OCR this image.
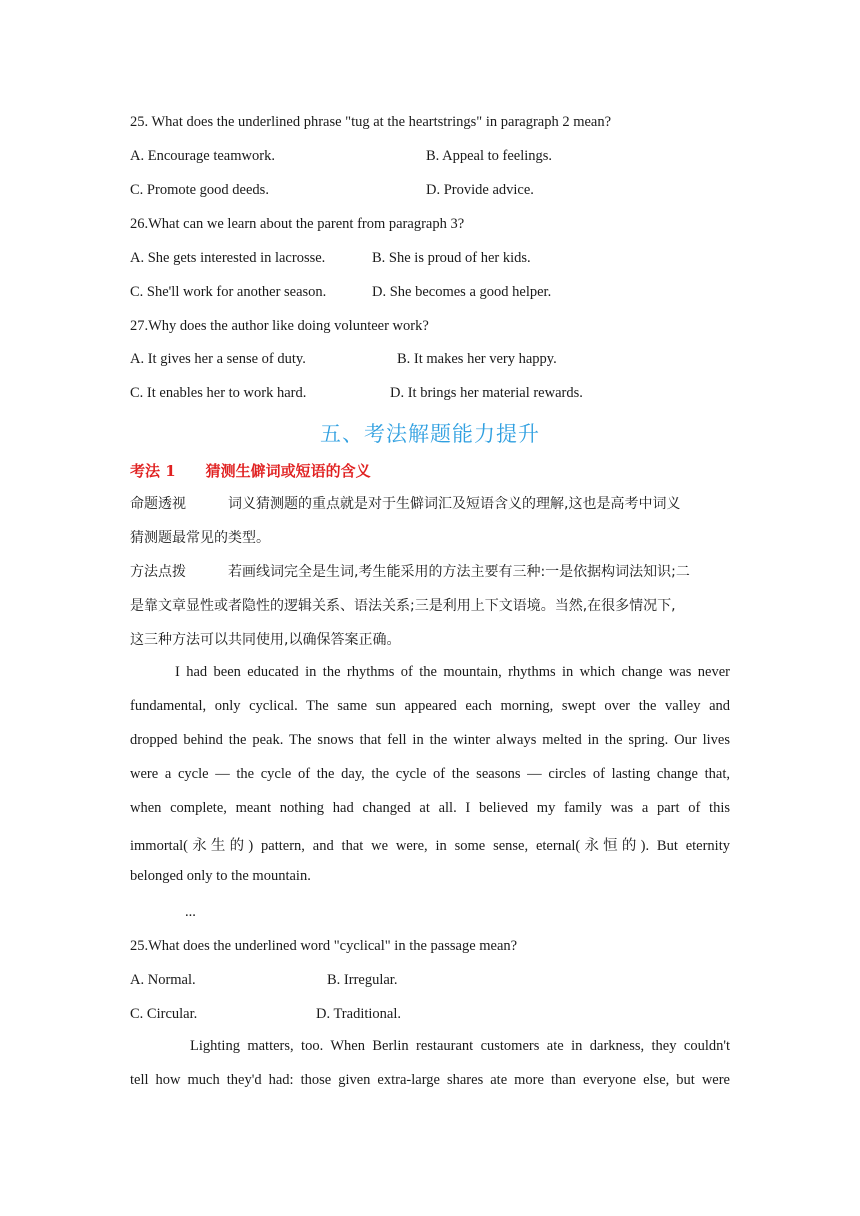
25. What does the underlined phrase "tug at the heartstrings" in paragraph 2 mean?
A. Encourage teamwork.	B. Appeal to feelings.
C. Promote good deeds.	D. Provide advice.
26.What can we learn about the parent from paragraph 3?
A. She gets interested in lacrosse.	B. She is proud of her kids.
C. She'll work for another season.	D. She becomes a good helper.
27.Why does the author like doing volunteer work?
A. It gives her a sense of duty.	B. It makes her very happy.
C. It enables her to work hard.	D. It brings her material rewards.
五、考法解题能力提升
考法 1　　猜测生僻词或短语的含义
命题透视	词义猜测题的重点就是对于生僻词汇及短语含义的理解,这也是高考中词义
猜测题最常见的类型。
方法点拨	若画线词完全是生词,考生能采用的方法主要有三种:一是依据构词法知识;二
是靠文章显性或者隐性的逻辑关系、语法关系;三是利用上下文语境。当然,在很多情况下,
这三种方法可以共同使用,以确保答案正确。
I had been educated in the rhythms of the mountain, rhythms in which change was never
fundamental, only cyclical. The same sun appeared each morning, swept over the valley and
dropped behind the peak. The snows that fell in the winter always melted in the spring. Our lives
were a cycle — the cycle of the day, the cycle of the seasons — circles of lasting change that,
when complete, meant nothing had changed at all. I believed my family was a part of this
immortal(永生的) pattern, and that we were, in some sense, eternal(永恒的). But eternity
belonged only to the mountain.
...
25.What does the underlined word "cyclical" in the passage mean?
A. Normal.	B. Irregular.
C. Circular.	D. Traditional.
Lighting matters, too. When Berlin restaurant customers ate in darkness, they couldn't
tell how much they'd had: those given extra-large shares ate more than everyone else, but were
